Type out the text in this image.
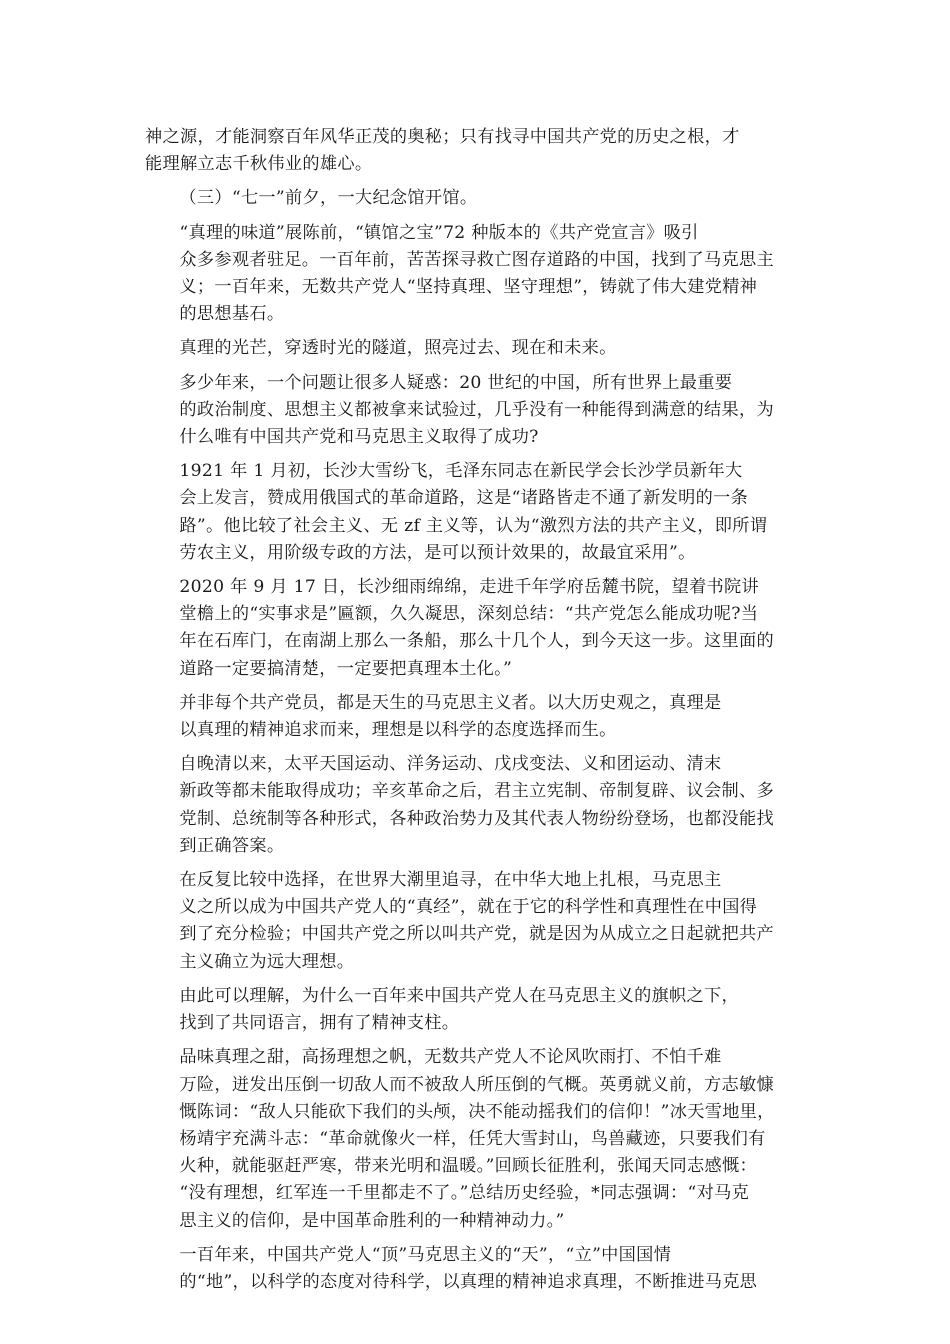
神之源，才能洞察百年风华正茂的奥秘；只有找寻中国共产党的历史之根，才
能理解立志千秋伟业的雄心。

（三）“七一”前夕，一大纪念馆开馆。

“真理的味道”展陈前，“镇馆之宝”72 种版本的《共产党宣言》吸引
众多参观者驻足。一百年前，苦苦探寻救亡图存道路的中国，找到了马克思主
义；一百年来，无数共产党人“坚持真理、坚守理想”，铸就了伟大建党精神
的思想基石。

真理的光芒，穿透时光的隧道，照亮过去、现在和未来。

多少年来，一个问题让很多人疑惑：20 世纪的中国，所有世界上最重要
的政治制度、思想主义都被拿来试验过，几乎没有一种能得到满意的结果，为
什么唯有中国共产党和马克思主义取得了成功?

1921 年 1 月初，长沙大雪纷飞，毛泽东同志在新民学会长沙学员新年大
会上发言，赞成用俄国式的革命道路，这是“诸路皆走不通了新发明的一条
路”。他比较了社会主义、无 zf 主义等，认为“激烈方法的共产主义，即所谓
劳农主义，用阶级专政的方法，是可以预计效果的，故最宜采用”。

2020 年 9 月 17 日，长沙细雨绵绵，走进千年学府岳麓书院，望着书院讲
堂檐上的“实事求是”匾额，久久凝思，深刻总结：“共产党怎么能成功呢?当
年在石库门，在南湖上那么一条船，那么十几个人，到今天这一步。这里面的
道路一定要搞清楚，一定要把真理本土化。”

并非每个共产党员，都是天生的马克思主义者。以大历史观之，真理是
以真理的精神追求而来，理想是以科学的态度选择而生。

自晚清以来，太平天国运动、洋务运动、戊戌变法、义和团运动、清末
新政等都未能取得成功；辛亥革命之后，君主立宪制、帝制复辟、议会制、多
党制、总统制等各种形式，各种政治势力及其代表人物纷纷登场，也都没能找
到正确答案。

在反复比较中选择，在世界大潮里追寻，在中华大地上扎根，马克思主
义之所以成为中国共产党人的“真经”，就在于它的科学性和真理性在中国得
到了充分检验；中国共产党之所以叫共产党，就是因为从成立之日起就把共产
主义确立为远大理想。

由此可以理解，为什么一百年来中国共产党人在马克思主义的旗帜之下，
找到了共同语言，拥有了精神支柱。

品味真理之甜，高扬理想之帆，无数共产党人不论风吹雨打、不怕千难
万险，迸发出压倒一切敌人而不被敌人所压倒的气概。英勇就义前，方志敏慷
慨陈词：“敌人只能砍下我们的头颅，决不能动摇我们的信仰！”冰天雪地里，
杨靖宇充满斗志：“革命就像火一样，任凭大雪封山，鸟兽藏迹，只要我们有
火种，就能驱赶严寒，带来光明和温暖。”回顾长征胜利，张闻天同志感慨：
“没有理想，红军连一千里都走不了。”总结历史经验，*同志强调：“对马克
思主义的信仰，是中国革命胜利的一种精神动力。”

一百年来，中国共产党人“顶”马克思主义的“天”，“立”中国国情
的“地”，以科学的态度对待科学，以真理的精神追求真理，不断推进马克思
